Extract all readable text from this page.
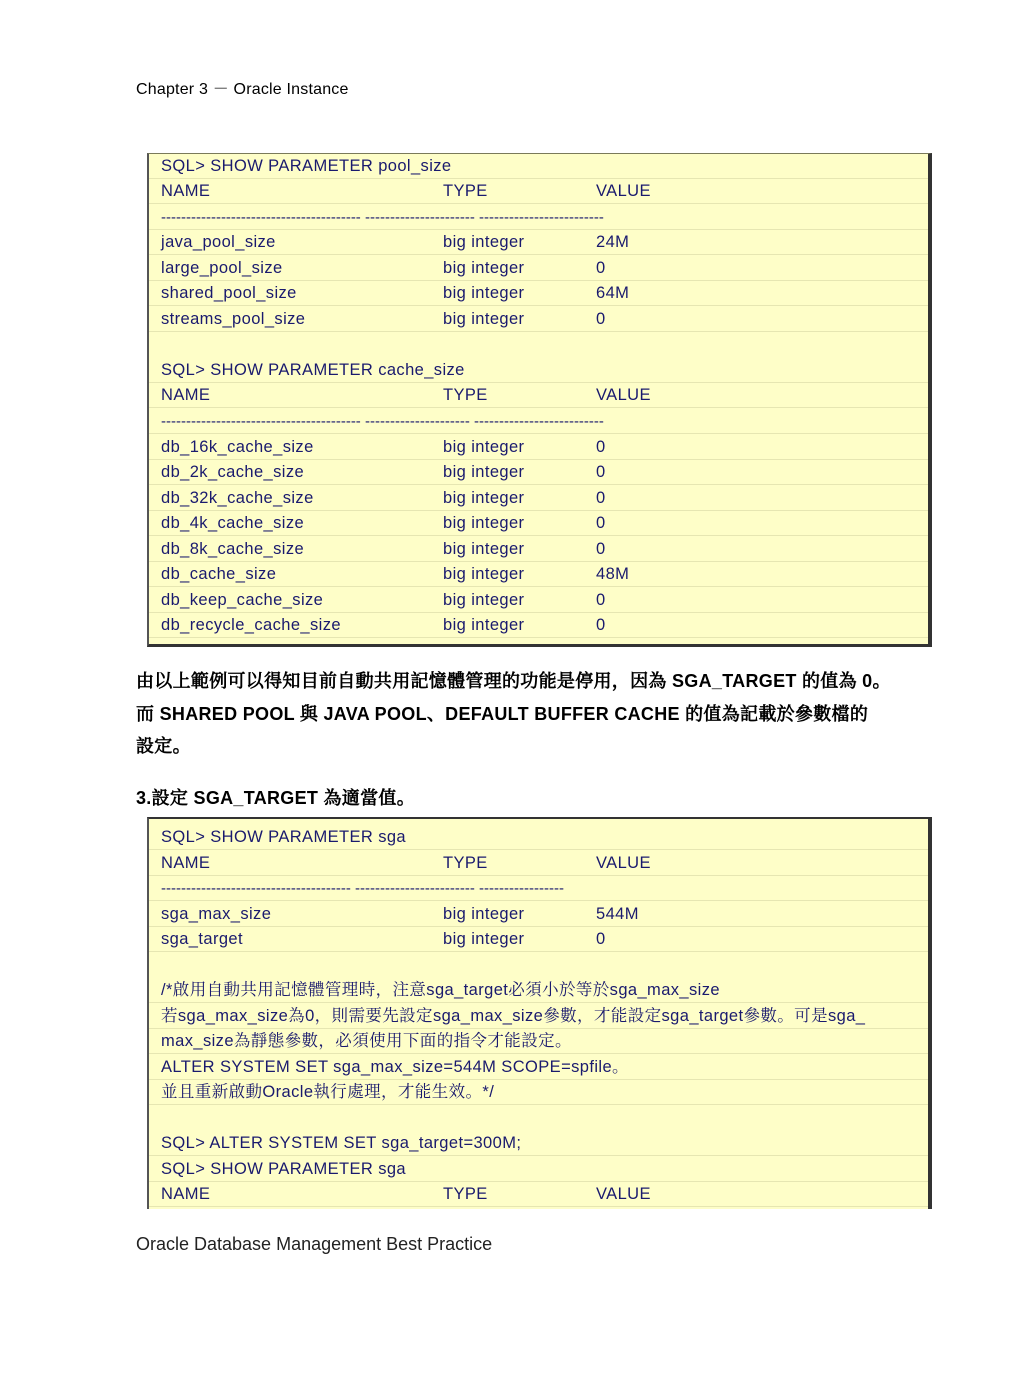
Chapter 3 － Oracle Instance
SQL> SHOW PARAMETER pool_size
NAME	TYPE	VALUE
---------------------------------------- ---------------------- -------------------------
java_pool_size	big integer	24M
large_pool_size	big integer	0
shared_pool_size	big integer	64M
streams_pool_size	big integer	0
SQL> SHOW PARAMETER cache_size
NAME	TYPE	VALUE
---------------------------------------- --------------------- --------------------------
db_16k_cache_size	big integer	0
db_2k_cache_size	big integer	0
db_32k_cache_size	big integer	0
db_4k_cache_size	big integer	0
db_8k_cache_size	big integer	0
db_cache_size	big integer	48M
db_keep_cache_size	big integer	0
db_recycle_cache_size	big integer	0
由以上範例可以得知目前自動共用記憶體管理的功能是停用，因為 SGA_TARGET 的值為 0。
而 SHARED POOL 與 JAVA POOL、DEFAULT BUFFER CACHE 的值為記載於參數檔的
設定。
3.設定 SGA_TARGET 為適當值。
SQL> SHOW PARAMETER sga
NAME	TYPE	VALUE
-------------------------------------- ------------------------ -----------------
sga_max_size	big integer	544M
sga_target	big integer	0
/*啟用自動共用記憶體管理時，注意sga_target必須小於等於sga_max_size
若sga_max_size為0，則需要先設定sga_max_size參數，才能設定sga_target參數。可是sga_
max_size為靜態參數，必須使用下面的指令才能設定。
ALTER SYSTEM SET sga_max_size=544M SCOPE=spfile。
並且重新啟動Oracle執行處理，才能生效。*/
SQL> ALTER SYSTEM SET sga_target=300M;
SQL> SHOW PARAMETER sga
NAME	TYPE	VALUE
Oracle Database Management Best Practice
